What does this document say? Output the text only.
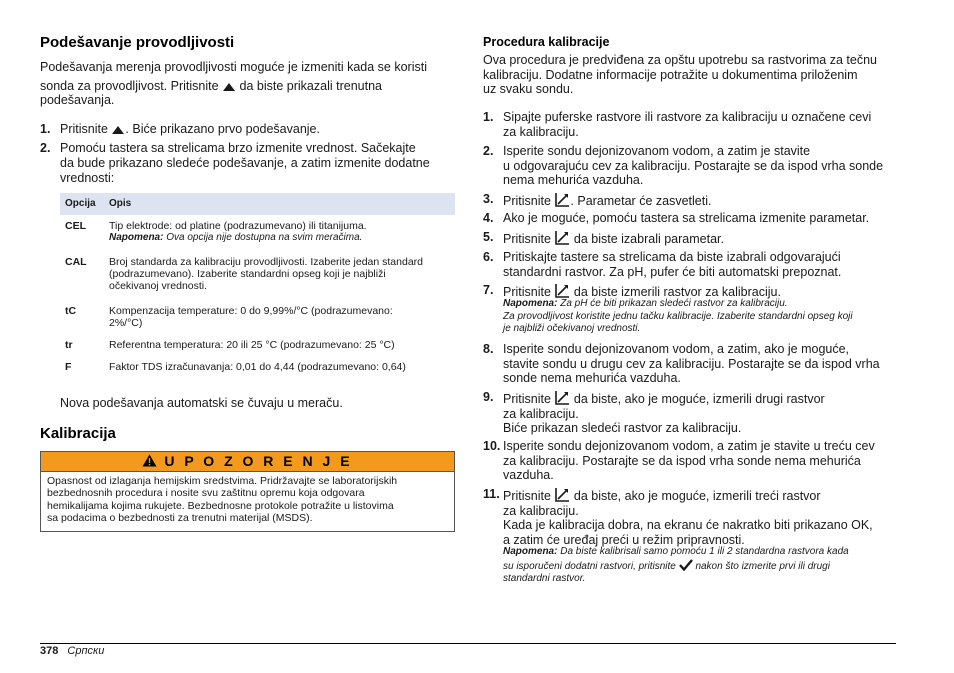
Podešavanje provodljivosti
Podešavanja merenja provodljivosti moguće je izmeniti kada se koristi
sonda za provodljivost. Pritisnite da biste prikazali trenutna
podešavanja.
1. Pritisnite . Biće prikazano prvo podešavanje.
2. Pomoću tastera sa strelicama brzo izmenite vrednost. Sačekajte
da bude prikazano sledeće podešavanje, a zatim izmenite dodatne
vrednosti:
Opcija Opis
CEL Tip elektrode: od platine (podrazumevano) ili titanijuma.
Napomena: Ova opcija nije dostupna na svim meračima.
CAL Broj standarda za kalibraciju provodljivosti. Izaberite jedan standard
(podrazumevano). Izaberite standardni opseg koji je najbliži
očekivanoj vrednosti.
tC	Kompenzacija temperature: 0 do 9,99%/°C (podrazumevano:
2%/°C)
tr	Referentna temperatura: 20 ili 25 °C (podrazumevano: 25 °C)
F	Faktor TDS izračunavanja: 0,01 do 4,44 (podrazumevano: 0,64)
Nova podešavanja automatski se čuvaju u meraču.
Kalibracija
U P O Z O R E N J E
Opasnost od izlaganja hemijskim sredstvima. Pridržavajte se laboratorijskih
bezbednosnih procedura i nosite svu zaštitnu opremu koja odgovara
hemikalijama kojima rukujete. Bezbednosne protokole potražite u listovima
sa podacima o bezbednosti za trenutni materijal (MSDS).
Procedura kalibracije
Ova procedura je predviđena za opštu upotrebu sa rastvorima za tečnu
kalibraciju. Dodatne informacije potražite u dokumentima priloženim
uz svaku sondu.
1. Sipajte puferske rastvore ili rastvore za kalibraciju u označene cevi
za kalibraciju.
2. Isperite sondu dejonizovanom vodom, a zatim je stavite
u odgovarajuću cev za kalibraciju. Postarajte se da ispod vrha sonde
nema mehurića vazduha.
3. Pritisnite . Parametar će zasvetleti.
4. Ako je moguće, pomoću tastera sa strelicama izmenite parametar.
5. Pritisnite da biste izabrali parametar.
6. Pritiskajte tastere sa strelicama da biste izabrali odgovarajući
standardni rastvor. Za pH, pufer će biti automatski prepoznat.
7. Pritisnite da biste izmerili rastvor za kalibraciju.
Napomena: Za pH će biti prikazan sledeći rastvor za kalibraciju.
Za provodljivost koristite jednu tačku kalibracije. Izaberite standardni opseg koji
je najbliži očekivanoj vrednosti.
8. Isperite sondu dejonizovanom vodom, a zatim, ako je moguće,
stavite sondu u drugu cev za kalibraciju. Postarajte se da ispod vrha
sonde nema mehurića vazduha.
9. Pritisnite da biste, ako je moguće, izmerili drugi rastvor
za kalibraciju.
Biće prikazan sledeći rastvor za kalibraciju.
10. Isperite sondu dejonizovanom vodom, a zatim je stavite u treću cev
za kalibraciju. Postarajte se da ispod vrha sonde nema mehurića
vazduha.
11. Pritisnite da biste, ako je moguće, izmerili treći rastvor
za kalibraciju.
Kada je kalibracija dobra, na ekranu će nakratko biti prikazano OK,
a zatim će uređaj preći u režim pripravnosti.
Napomena: Da biste kalibrisali samo pomoću 1 ili 2 standardna rastvora kada
su isporučeni dodatni rastvori, pritisnite nakon što izmerite prvi ili drugi
standardni rastvor.
378 Српски
